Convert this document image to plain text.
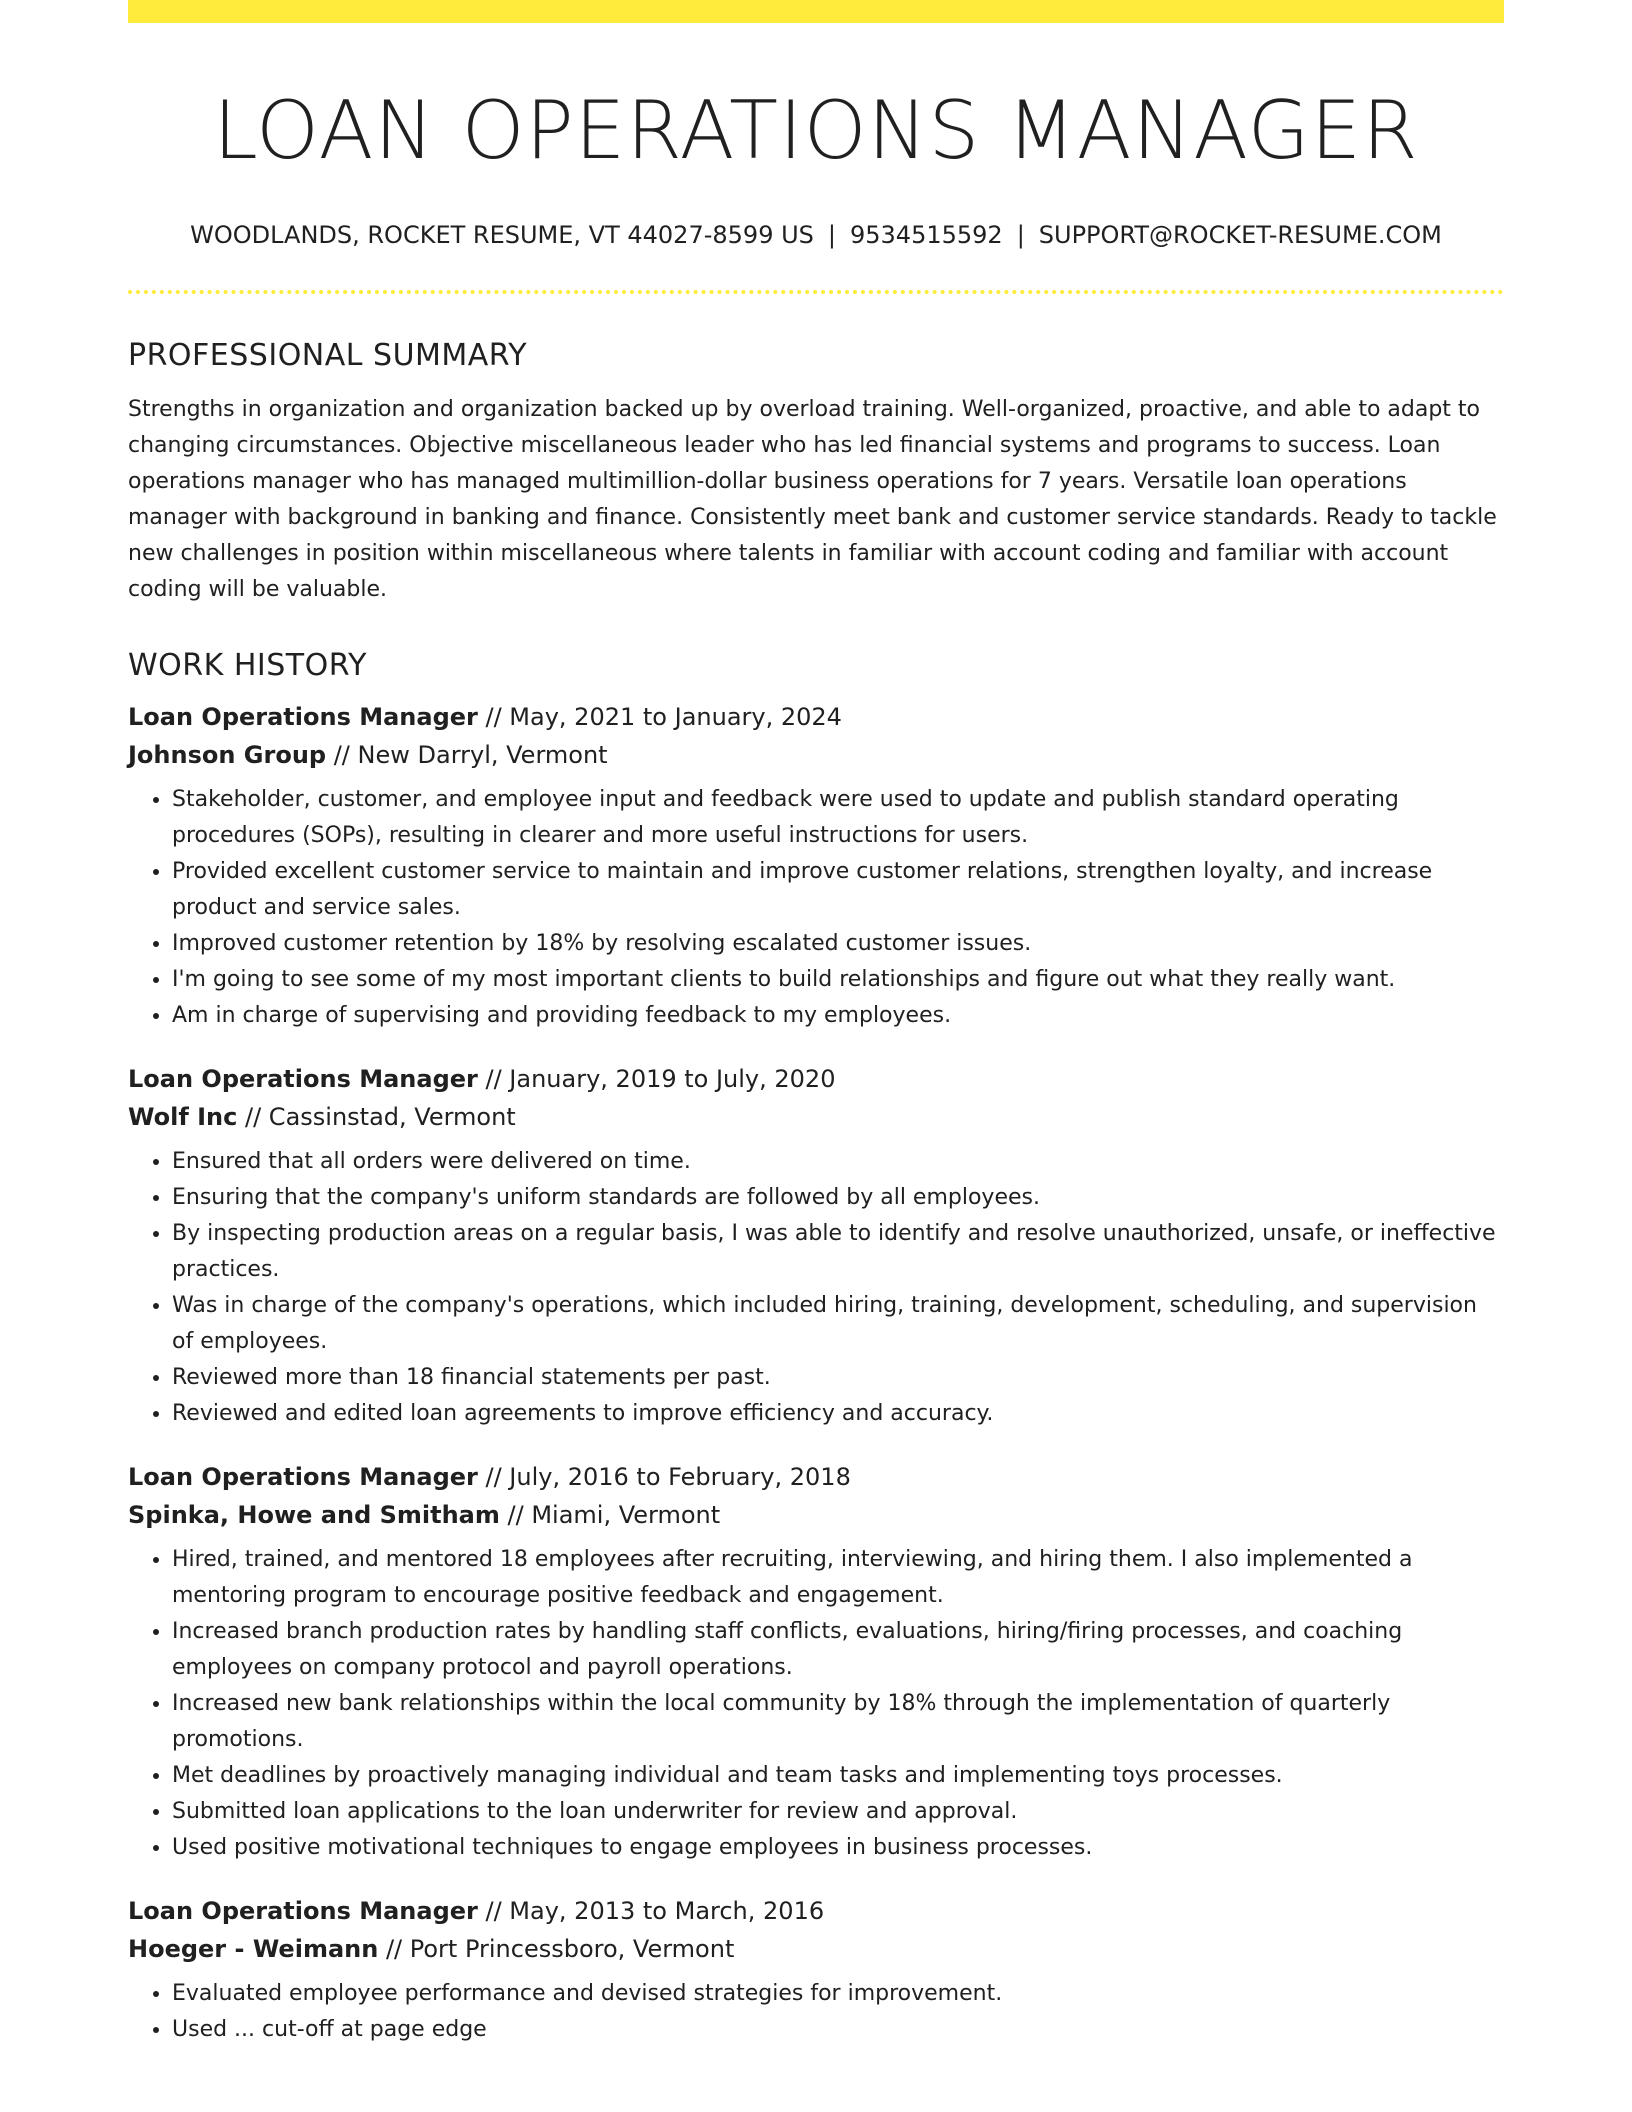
LOAN OPERATIONS MANAGER
WOODLANDS, ROCKET RESUME, VT 44027-8599 US | 9534515592 | SUPPORT@ROCKET-RESUME.COM
PROFESSIONAL SUMMARY

Strengths in organization and organization backed up by overload training. Well-organized, proactive, and able to adapt to changing circumstances. Objective miscellaneous leader who has led financial systems and programs to success. Loan operations manager who has managed multimillion-dollar business operations for 7 years. Versatile loan operations manager with background in banking and finance. Consistently meet bank and customer service standards. Ready to tackle new challenges in position within miscellaneous where talents in familiar with account coding and familiar with account coding will be valuable.

WORK HISTORY
Loan Operations Manager // May, 2021 to January, 2024
Johnson Group // New Darryl, Vermont
• Stakeholder, customer, and employee input and feedback were used to update and publish standard operating procedures (SOPs), resulting in clearer and more useful instructions for users.
• Provided excellent customer service to maintain and improve customer relations, strengthen loyalty, and increase product and service sales.
• Improved customer retention by 18% by resolving escalated customer issues.
• I'm going to see some of my most important clients to build relationships and figure out what they really want.
• Am in charge of supervising and providing feedback to my employees.
Loan Operations Manager // January, 2019 to July, 2020
Wolf Inc // Cassinstad, Vermont
• Ensured that all orders were delivered on time.
• Ensuring that the company's uniform standards are followed by all employees.
• By inspecting production areas on a regular basis, I was able to identify and resolve unauthorized, unsafe, or ineffective practices.
• Was in charge of the company's operations, which included hiring, training, development, scheduling, and supervision of employees.
• Reviewed more than 18 financial statements per past.
• Reviewed and edited loan agreements to improve efficiency and accuracy.
Loan Operations Manager // July, 2016 to February, 2018
Spinka, Howe and Smitham // Miami, Vermont
• Hired, trained, and mentored 18 employees after recruiting, interviewing, and hiring them. I also implemented a mentoring program to encourage positive feedback and engagement.
• Increased branch production rates by handling staff conflicts, evaluations, hiring/firing processes, and coaching employees on company protocol and payroll operations.
• Increased new bank relationships within the local community by 18% through the implementation of quarterly promotions.
• Met deadlines by proactively managing individual and team tasks and implementing toys processes.
• Submitted loan applications to the loan underwriter for review and approval.
• Used positive motivational techniques to engage employees in business processes.
Loan Operations Manager // May, 2013 to March, 2016
Hoeger - Weimann // Port Princessboro, Vermont
• Evaluated employee performance and devised strategies for improvement.
• Used ... cut-off at page edge
